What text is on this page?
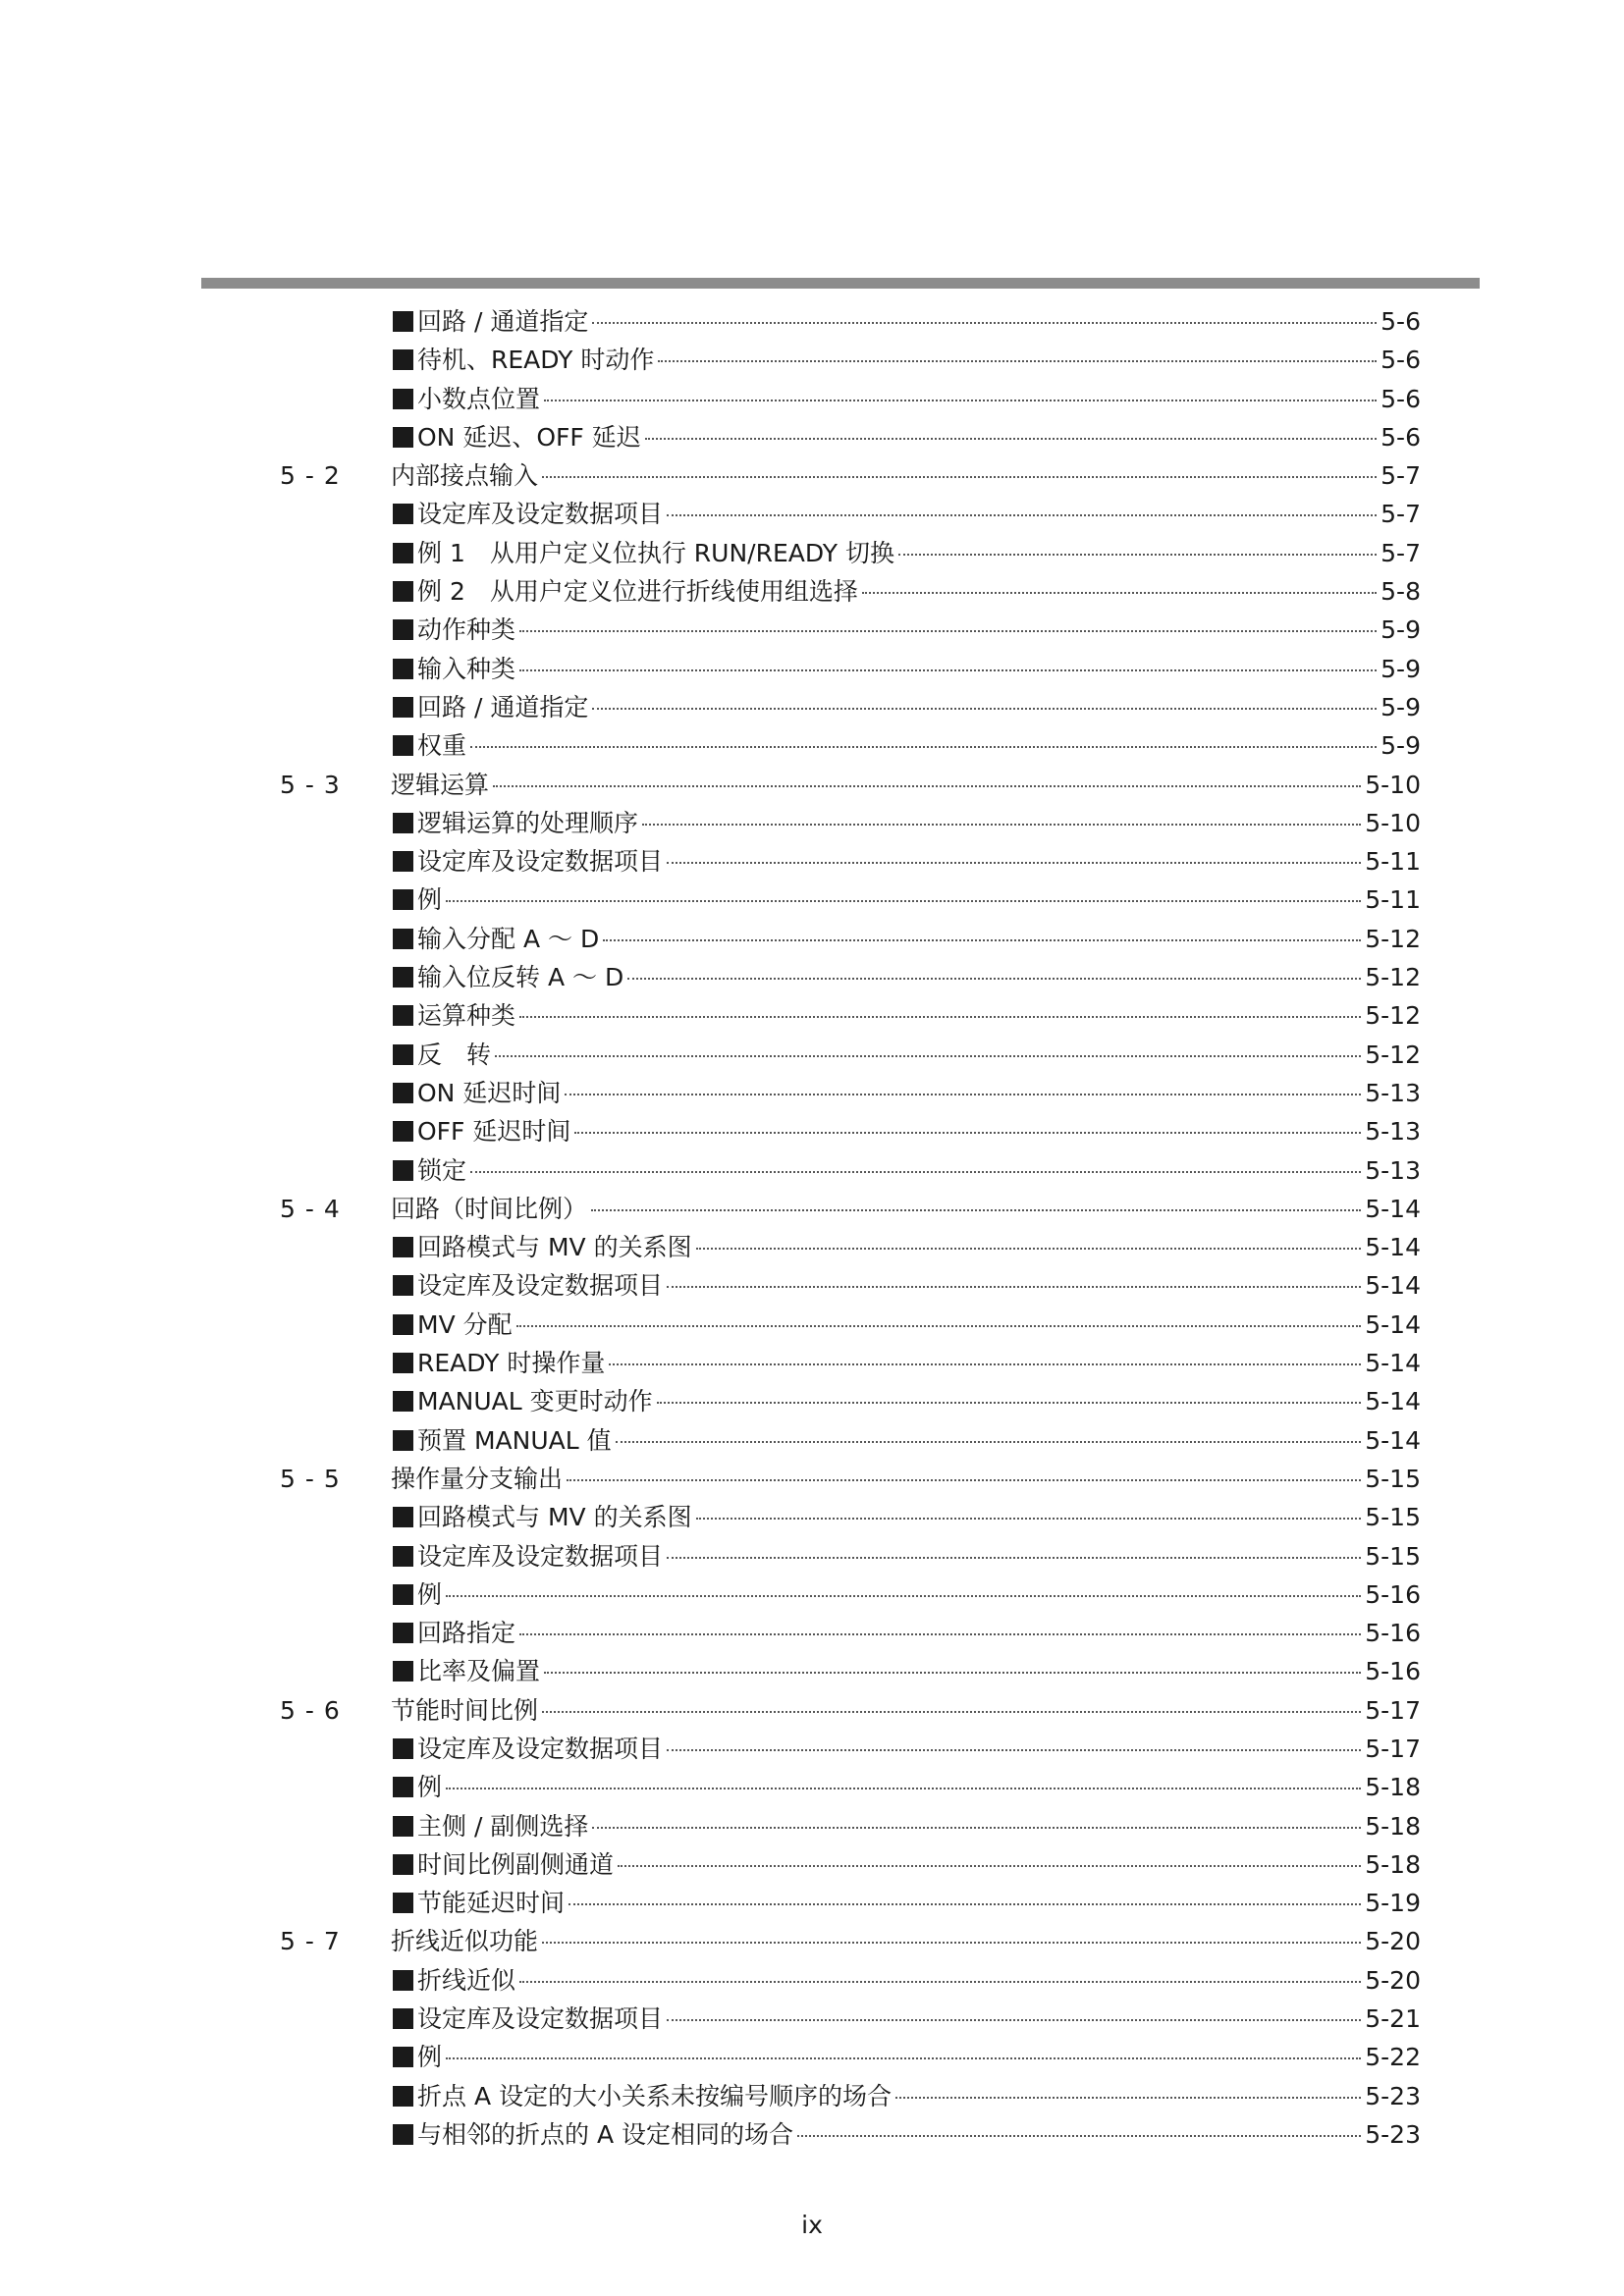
回路 / 通道指定	5-6
待机、READY 时动作	5-6
小数点位置	5-6
ON 延迟、OFF 延迟	5-6
5 - 2	内部接点输入	5-7
设定库及设定数据项目	5-7
例 1　从用户定义位执行 RUN/READY 切换	5-7
例 2　从用户定义位进行折线使用组选择	5-8
动作种类	5-9
输入种类	5-9
回路 / 通道指定	5-9
权重	5-9
5 - 3	逻辑运算	5-10
逻辑运算的处理顺序	5-10
设定库及设定数据项目	5-11
例	5-11
输入分配 A ～ D	5-12
输入位反转 A ～ D	5-12
运算种类	5-12
反　转	5-12
ON 延迟时间	5-13
OFF 延迟时间	5-13
锁定	5-13
5 - 4	回路（时间比例）	5-14
回路模式与 MV 的关系图	5-14
设定库及设定数据项目	5-14
MV 分配	5-14
READY 时操作量	5-14
MANUAL 变更时动作	5-14
预置 MANUAL 值	5-14
5 - 5	操作量分支输出	5-15
回路模式与 MV 的关系图	5-15
设定库及设定数据项目	5-15
例	5-16
回路指定	5-16
比率及偏置	5-16
5 - 6	节能时间比例	5-17
设定库及设定数据项目	5-17
例	5-18
主侧 / 副侧选择	5-18
时间比例副侧通道	5-18
节能延迟时间	5-19
5 - 7	折线近似功能	5-20
折线近似	5-20
设定库及设定数据项目	5-21
例	5-22
折点 A 设定的大小关系未按编号顺序的场合	5-23
与相邻的折点的 A 设定相同的场合	5-23
ix
